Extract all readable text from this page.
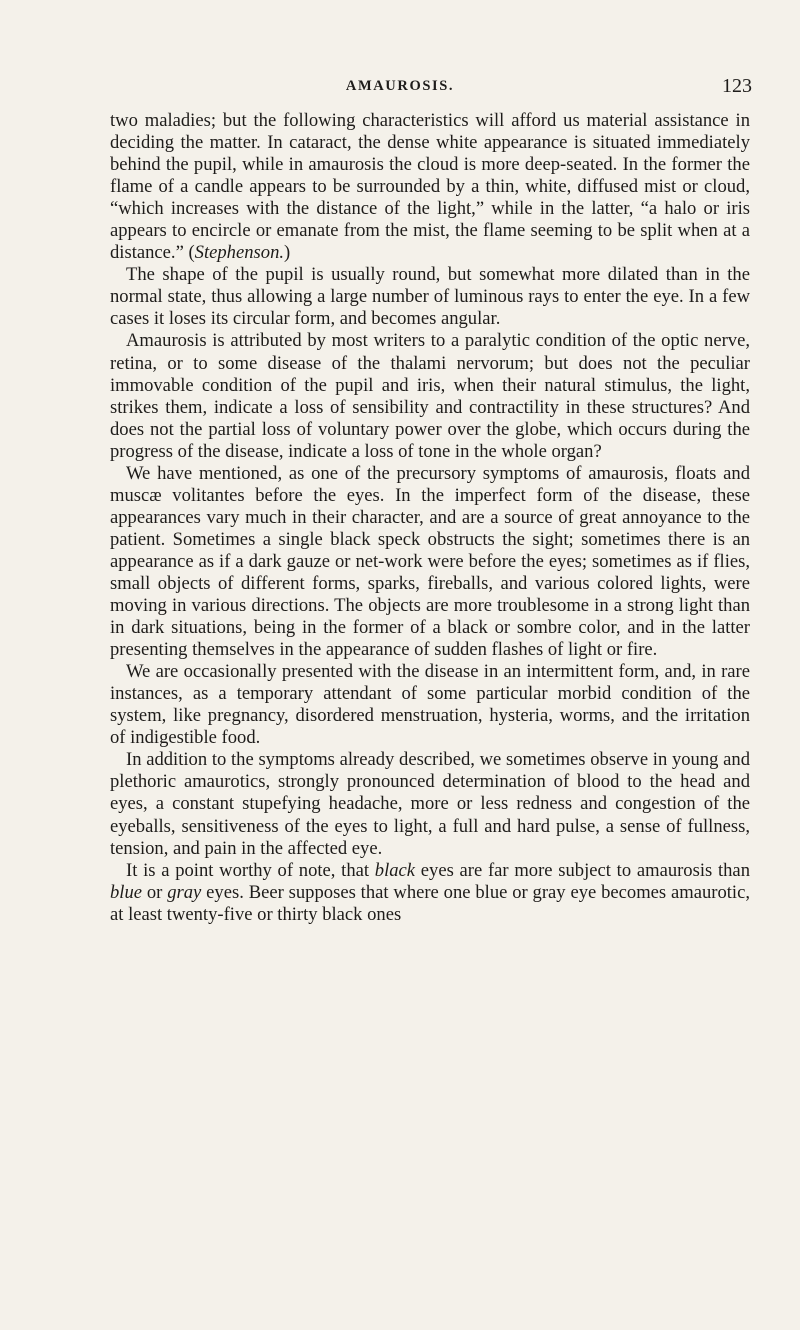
AMAUROSIS.	123

two maladies; but the following characteristics will afford us material assistance in deciding the matter. In cataract, the dense white appearance is situated immediately behind the pupil, while in amaurosis the cloud is more deep-seated. In the former the flame of a candle appears to be surrounded by a thin, white, diffused mist or cloud, “which increases with the distance of the light,” while in the latter, “a halo or iris appears to encircle or emanate from the mist, the flame seeming to be split when at a distance.” (Stephenson.)

The shape of the pupil is usually round, but somewhat more dilated than in the normal state, thus allowing a large number of luminous rays to enter the eye. In a few cases it loses its circular form, and becomes angular.

Amaurosis is attributed by most writers to a paralytic condition of the optic nerve, retina, or to some disease of the thalami nervorum; but does not the peculiar immovable condition of the pupil and iris, when their natural stimulus, the light, strikes them, indicate a loss of sensibility and contractility in these structures? And does not the partial loss of voluntary power over the globe, which occurs during the progress of the disease, indicate a loss of tone in the whole organ?

We have mentioned, as one of the precursory symptoms of amaurosis, floats and muscæ volitantes before the eyes. In the imperfect form of the disease, these appearances vary much in their character, and are a source of great annoyance to the patient. Sometimes a single black speck obstructs the sight; sometimes there is an appearance as if a dark gauze or net-work were before the eyes; sometimes as if flies, small objects of different forms, sparks, fireballs, and various colored lights, were moving in various directions. The objects are more troublesome in a strong light than in dark situations, being in the former of a black or sombre color, and in the latter presenting themselves in the appearance of sudden flashes of light or fire.

We are occasionally presented with the disease in an intermittent form, and, in rare instances, as a temporary attendant of some particular morbid condition of the system, like pregnancy, disordered menstruation, hysteria, worms, and the irritation of indigestible food.

In addition to the symptoms already described, we sometimes observe in young and plethoric amaurotics, strongly pronounced determination of blood to the head and eyes, a constant stupefying headache, more or less redness and congestion of the eyeballs, sensitiveness of the eyes to light, a full and hard pulse, a sense of fullness, tension, and pain in the affected eye.

It is a point worthy of note, that black eyes are far more subject to amaurosis than blue or gray eyes. Beer supposes that where one blue or gray eye becomes amaurotic, at least twenty-five or thirty black ones
